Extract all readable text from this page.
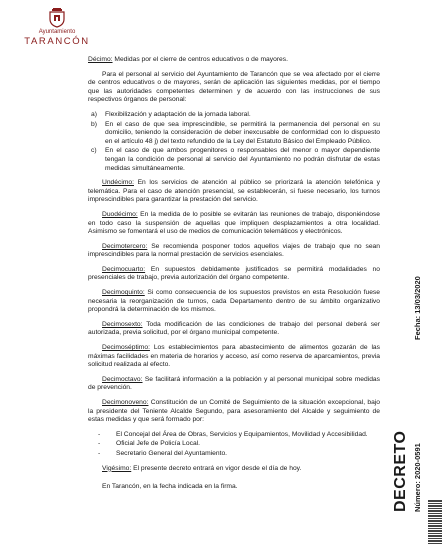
Ayuntamiento
TARANCÓN

Décimo: Medidas por el cierre de centros educativos o de mayores.

Para el personal al servicio del Ayuntamiento de Tarancón que se vea afectado por el cierre de centros educativos o de mayores, serán de aplicación las siguientes medidas, por el tiempo que las autoridades competentes determinen y de acuerdo con las instrucciones de sus respectivos órganos de personal:

a)	Flexibilización y adaptación de la jornada laboral.
b)	En el caso de que sea imprescindible, se permitirá la permanencia del personal en su domicilio, teniendo la consideración de deber inexcusable de conformidad con lo dispuesto en el artículo 48 j) del texto refundido de la Ley del Estatuto Básico del Empleado Público.
c)	En el caso de que ambos progenitores o responsables del menor o mayor dependiente tengan la condición de personal al servicio del Ayuntamiento no podrán disfrutar de estas medidas simultáneamente.

Undécimo: En los servicios de atención al público se priorizará la atención telefónica y telemática. Para el caso de atención presencial, se establecerán, si fuese necesario, los turnos imprescindibles para garantizar la prestación del servicio.

Duodécimo: En la medida de lo posible se evitarán las reuniones de trabajo, disponiéndose en todo caso la suspensión de aquellas que impliquen desplazamientos a otra localidad. Asimismo se fomentará el uso de medios de comunicación telemáticos y electrónicos.

Decimotercero: Se recomienda posponer todos aquellos viajes de trabajo que no sean imprescindibles para la normal prestación de servicios esenciales.

Decimocuarto: En supuestos debidamente justificados se permitirá modalidades no presenciales de trabajo, previa autorización del órgano competente.

Decimoquinto: Si como consecuencia de los supuestos previstos en esta Resolución fuese necesaria la reorganización de turnos, cada Departamento dentro de su ámbito organizativo propondrá la determinación de los mismos.

Decimosexto: Toda modificación de las condiciones de trabajo del personal deberá ser autorizada, previa solicitud, por el órgano municipal competente.

Decimoséptimo: Los establecimientos para abastecimiento de alimentos gozarán de las máximas facilidades en materia de horarios y acceso, así como reserva de aparcamientos, previa solicitud realizada al efecto.

Decimoctavo: Se facilitará información a la población y al personal municipal sobre medidas de prevención.

Decimonoveno: Constitución de un Comité de Seguimiento de la situación excepcional, bajo la presidente del Teniente Alcalde Segundo, para asesoramiento del Alcalde y seguimiento de estas medidas y que será formado por:

-	El Concejal del Área de Obras, Servicios y Equipamientos, Movilidad y Accesibilidad.
-	Oficial Jefe de Policía Local.
-	Secretario General del Ayuntamiento.

Vigésimo: El presente decreto entrará en vigor desde el día de hoy.

En Tarancón, en la fecha indicada en la firma.	DECRETO Número: 2020-0591
Fecha: 13/03/2020
